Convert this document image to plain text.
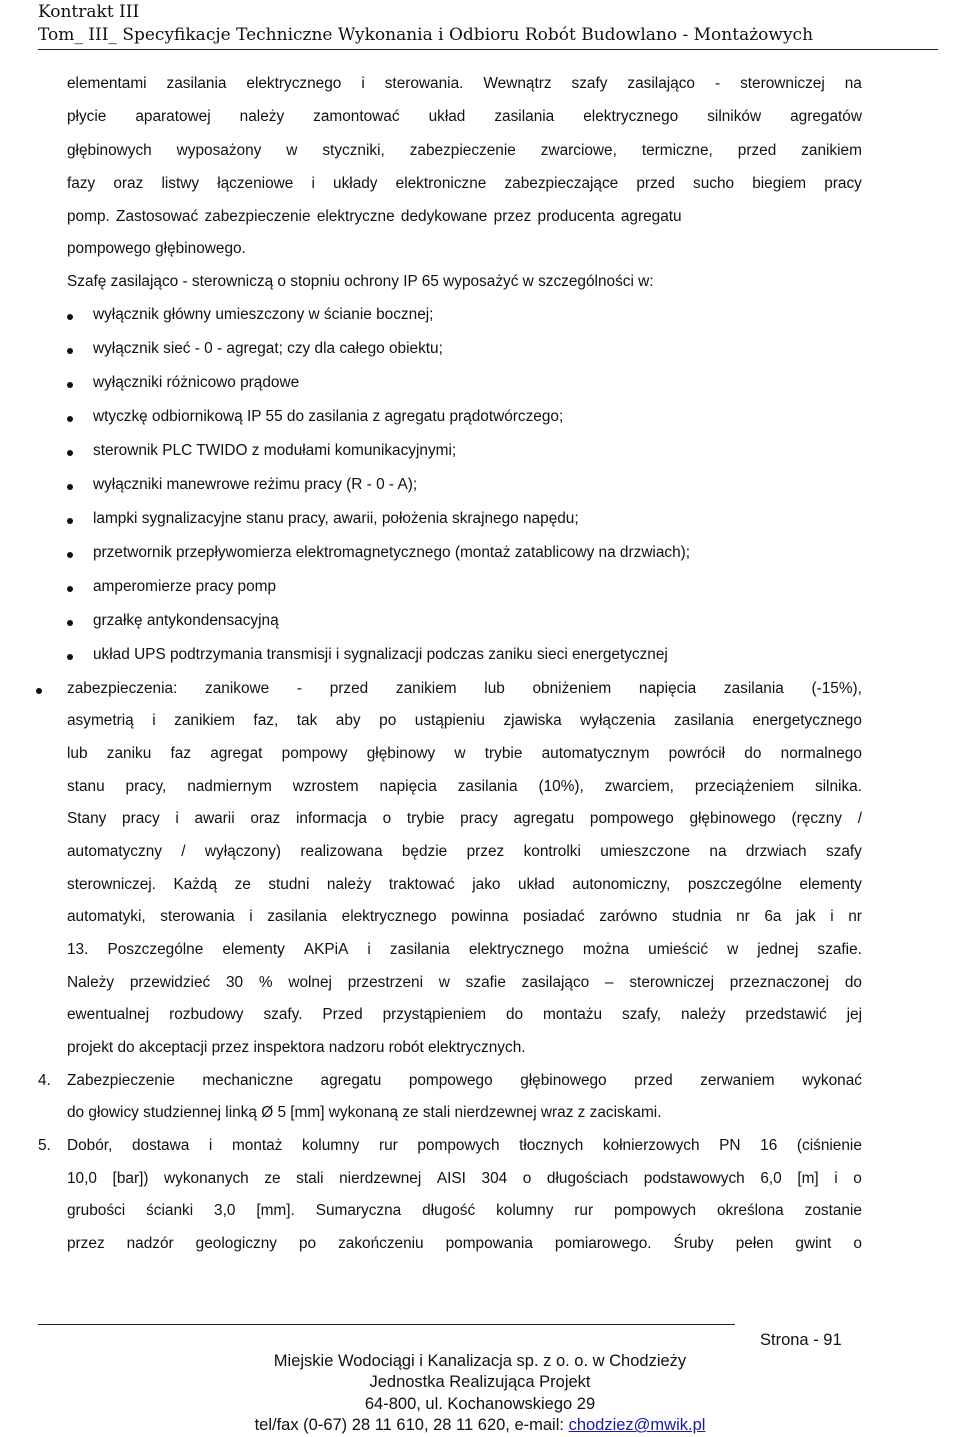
Kontrakt III
Tom_ III_ Specyfikacje Techniczne Wykonania i Odbioru Robót Budowlano - Montażowych
elementami zasilania elektrycznego i sterowania. Wewnątrz szafy zasilająco - sterowniczej na
płycie aparatowej należy zamontować układ zasilania elektrycznego silników agregatów
głębinowych wyposażony w styczniki, zabezpieczenie zwarciowe, termiczne, przed zanikiem
fazy oraz listwy łączeniowe i układy elektroniczne zabezpieczające przed sucho biegiem pracy
pomp. Zastosować zabezpieczenie elektryczne dedykowane przez producenta agregatu
pompowego głębinowego.
Szafę zasilająco - sterowniczą o stopniu ochrony IP 65 wyposażyć w szczególności w:
wyłącznik główny umieszczony w ścianie bocznej;
wyłącznik sieć - 0 - agregat; czy dla całego obiektu;
wyłączniki różnicowo prądowe
wtyczkę odbiornikową IP 55 do zasilania z agregatu prądotwórczego;
sterownik PLC TWIDO z modułami komunikacyjnymi;
wyłączniki manewrowe reżimu pracy (R - 0 - A);
lampki sygnalizacyjne stanu pracy, awarii, położenia skrajnego napędu;
przetwornik przepływomierza elektromagnetycznego (montaż zatablicowy na drzwiach);
amperomierze pracy pomp
grzałkę antykondensacyjną
układ UPS podtrzymania transmisji i sygnalizacji podczas zaniku sieci energetycznej
zabezpieczenia: zanikowe - przed zanikiem lub obniżeniem napięcia zasilania (-15%),
asymetrią i zanikiem faz, tak aby po ustąpieniu zjawiska wyłączenia zasilania energetycznego
lub zaniku faz agregat pompowy głębinowy w trybie automatycznym powrócił do normalnego
stanu pracy, nadmiernym wzrostem napięcia zasilania (10%), zwarciem, przeciążeniem silnika.
Stany pracy i awarii oraz informacja o trybie pracy agregatu pompowego głębinowego (ręczny /
automatyczny / wyłączony) realizowana będzie przez kontrolki umieszczone na drzwiach szafy
sterowniczej. Każdą ze studni należy traktować jako układ autonomiczny, poszczególne elementy
automatyki, sterowania i zasilania elektrycznego powinna posiadać zarówno studnia nr 6a jak i nr
13. Poszczególne elementy AKPiA i zasilania elektrycznego można umieścić w jednej szafie.
Należy przewidzieć 30 % wolnej przestrzeni w szafie zasilająco – sterowniczej przeznaczonej do
ewentualnej rozbudowy szafy. Przed przystąpieniem do montażu szafy, należy przedstawić jej
projekt do akceptacji przez inspektora nadzoru robót elektrycznych.
4. Zabezpieczenie mechaniczne agregatu pompowego głębinowego przed zerwaniem wykonać
do głowicy studziennej linką Ø 5 [mm] wykonaną ze stali nierdzewnej wraz z zaciskami.
5. Dobór, dostawa i montaż kolumny rur pompowych tłocznych kołnierzowych PN 16 (ciśnienie
10,0 [bar]) wykonanych ze stali nierdzewnej AISI 304 o długościach podstawowych 6,0 [m] i o
grubości ścianki 3,0 [mm]. Sumaryczna długość kolumny rur pompowych określona zostanie
przez nadzór geologiczny po zakończeniu pompowania pomiarowego. Śruby pełen gwint o
Strona - 91
Miejskie Wodociągi i Kanalizacja sp. z o. o. w Chodzieży
Jednostka Realizująca Projekt
64-800, ul. Kochanowskiego 29
tel/fax (0-67) 28 11 610, 28 11 620, e-mail: chodziez@mwik.pl
